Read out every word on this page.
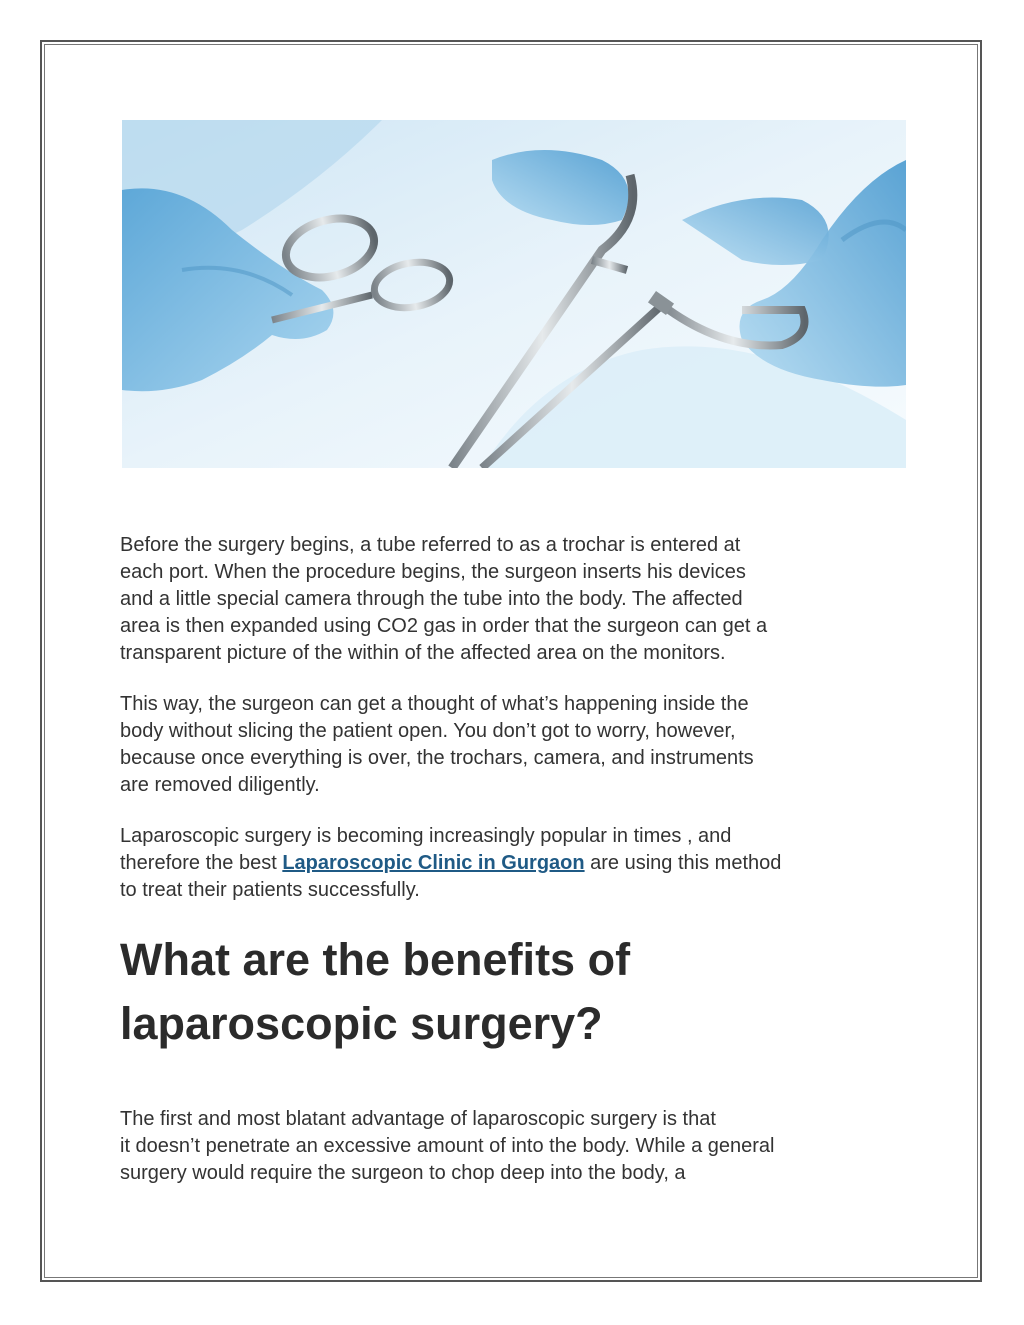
Before the surgery begins, a tube referred to as a trochar is entered at
each port. When the procedure begins, the surgeon inserts his devices
and a little special camera through the tube into the body. The affected
area is then expanded using CO2 gas in order that the surgeon can get a
transparent picture of the within of the affected area on the monitors.

This way, the surgeon can get a thought of what’s happening inside the
body without slicing the patient open. You don’t got to worry, however,
because once everything is over, the trochars, camera, and instruments
are removed diligently.

Laparoscopic surgery is becoming increasingly popular in times , and
therefore the best Laparoscopic Clinic in Gurgaon are using this method
to treat their patients successfully.

What are the benefits of
laparoscopic surgery?

The first and most blatant advantage of laparoscopic surgery is that
it doesn’t penetrate an excessive amount of into the body. While a general
surgery would require the surgeon to chop deep into the body, a
